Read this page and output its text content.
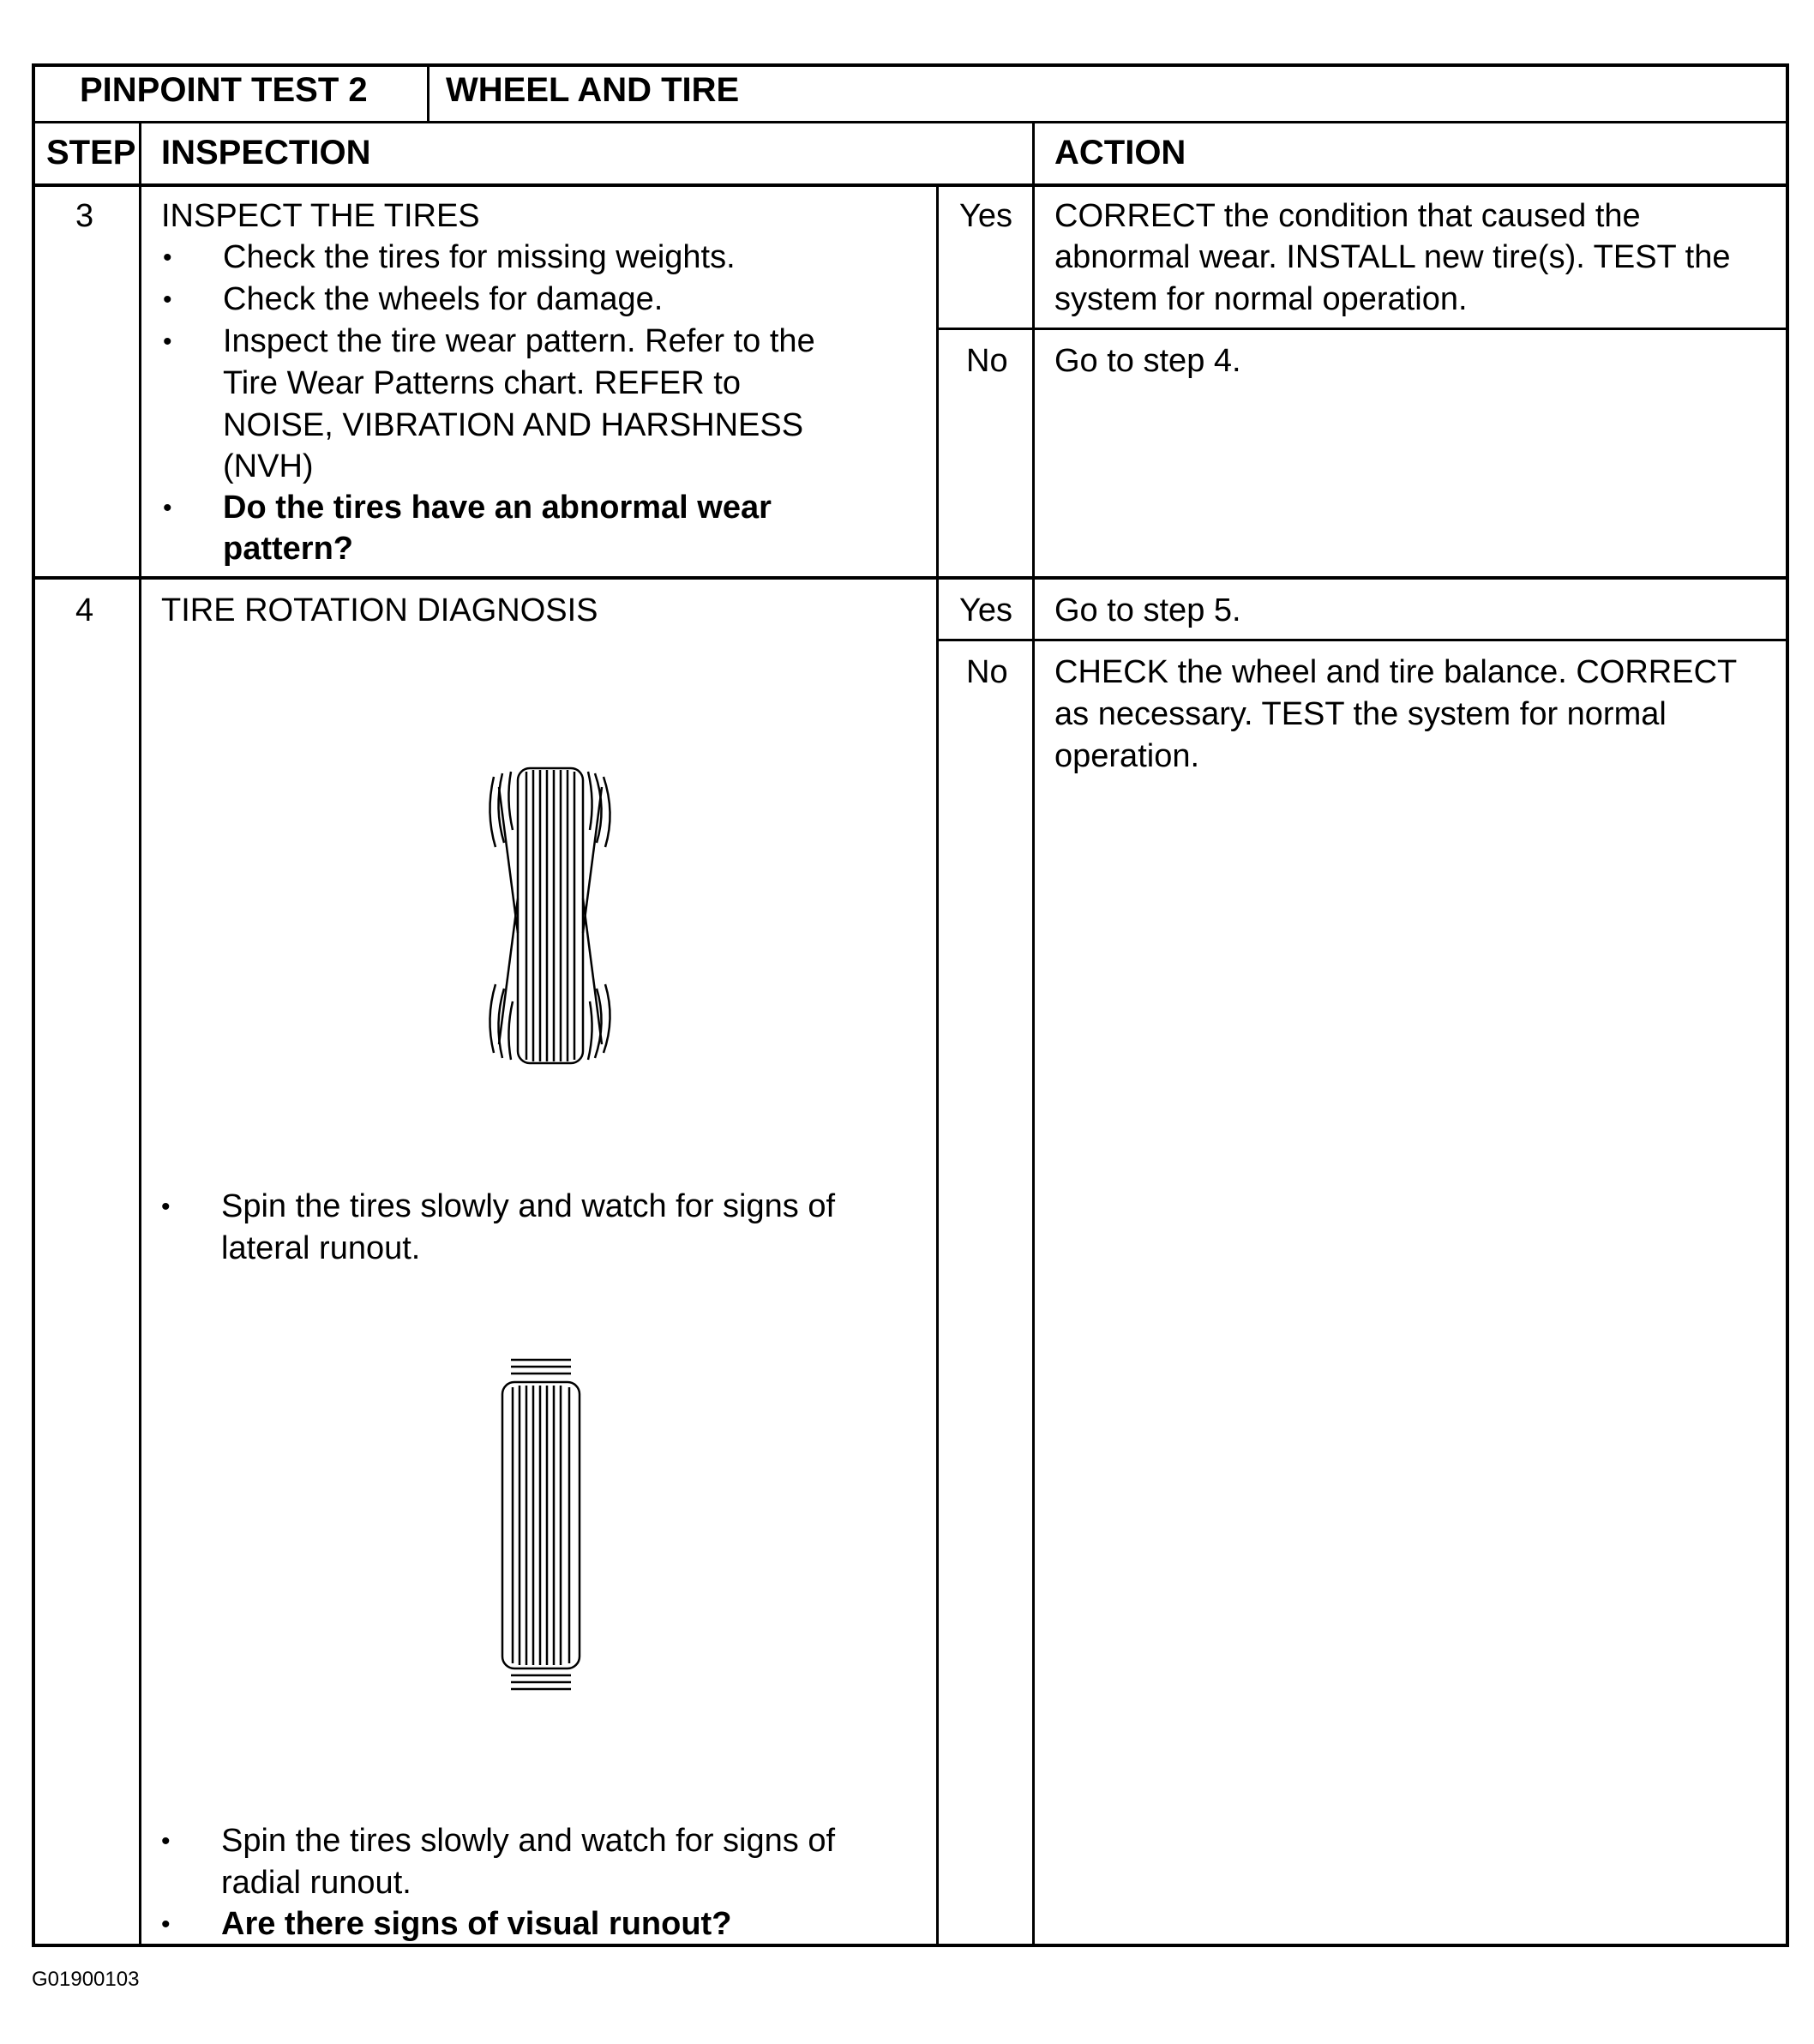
PINPOINT TEST 2 WHEEL AND TIRE
STEP INSPECTION	ACTION
3 INSPECT THE TIRES
• Check the tires for missing weights.
• Check the wheels for damage.
• Inspect the tire wear pattern. Refer to the
Tire Wear Patterns chart. REFER to
NOISE, VIBRATION AND HARSHNESS
(NVH)
• Do the tires have an abnormal wear
pattern?
Yes CORRECT the condition that caused the
abnormal wear. INSTALL new tire(s). TEST the
system for normal operation.
No Go to step 4.
4 TIRE ROTATION DIAGNOSIS
• Spin the tires slowly and watch for signs of
lateral runout.
• Spin the tires slowly and watch for signs of
radial runout.
• Are there signs of visual runout?
Yes Go to step 5.
No CHECK the wheel and tire balance. CORRECT
as necessary. TEST the system for normal
operation.
G01900103
